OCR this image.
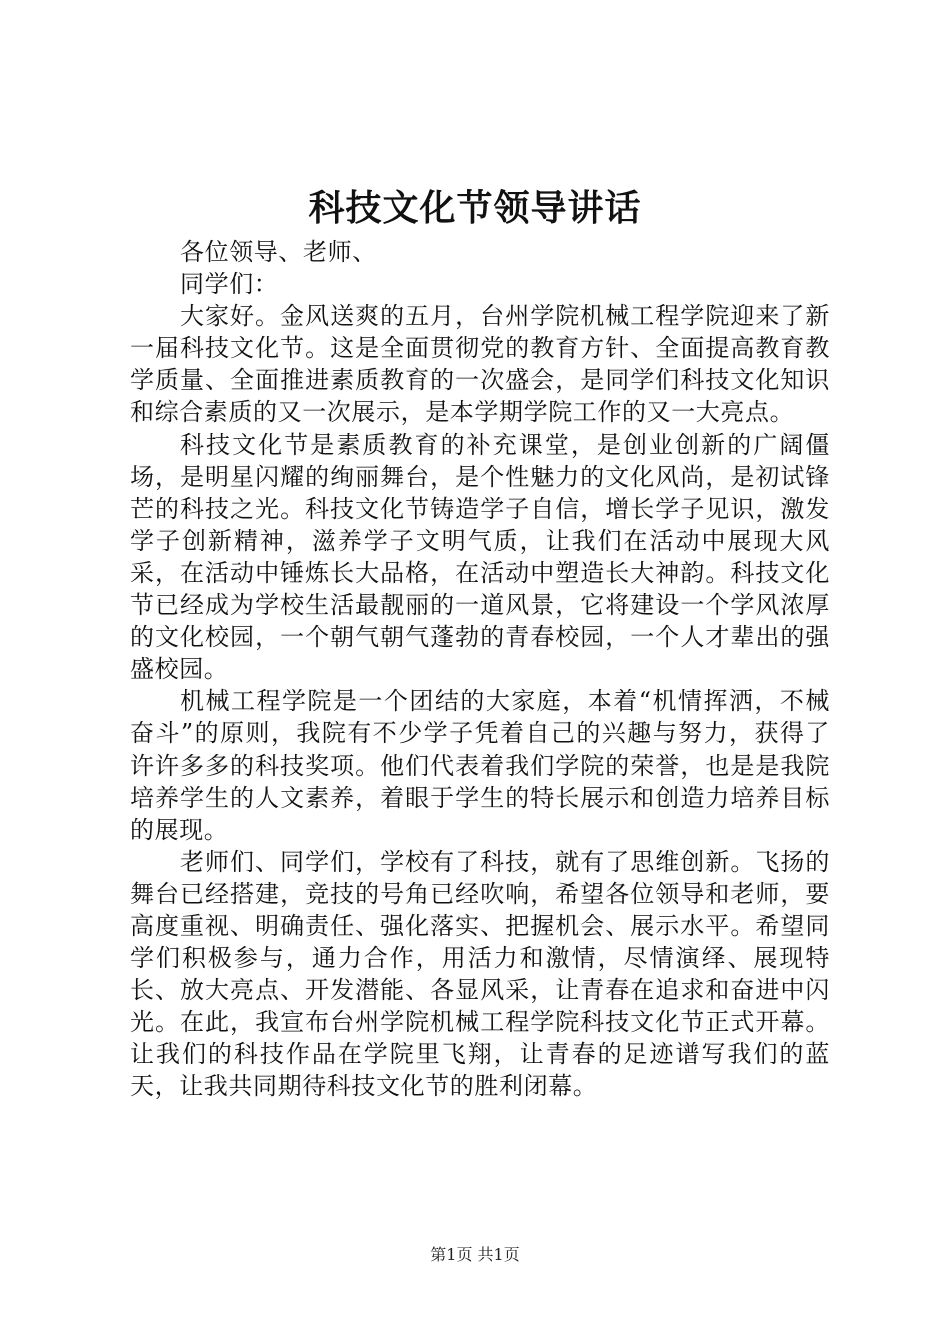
科技文化节领导讲话
各位领导、老师、
同学们：

大家好。金风送爽的五月，台州学院机械工程学院迎来了新一届科技文化节。这是全面贯彻党的教育方针、全面提高教育教学质量、全面推进素质教育的一次盛会，是同学们科技文化知识和综合素质的又一次展示，是本学期学院工作的又一大亮点。

科技文化节是素质教育的补充课堂，是创业创新的广阔僵场，是明星闪耀的绚丽舞台，是个性魅力的文化风尚，是初试锋芒的科技之光。科技文化节铸造学子自信，增长学子见识，激发学子创新精神，滋养学子文明气质，让我们在活动中展现大风采，在活动中锤炼长大品格，在活动中塑造长大神韵。科技文化节已经成为学校生活最靓丽的一道风景，它将建设一个学风浓厚的文化校园，一个朝气朝气蓬勃的青春校园，一个人才辈出的强盛校园。

机械工程学院是一个团结的大家庭，本着“机情挥洒，不械奋斗”的原则，我院有不少学子凭着自己的兴趣与努力，获得了许许多多的科技奖项。他们代表着我们学院的荣誉，也是是我院培养学生的人文素养，着眼于学生的特长展示和创造力培养目标的展现。

老师们、同学们，学校有了科技，就有了思维创新。飞扬的舞台已经搭建，竞技的号角已经吹响，希望各位领导和老师，要高度重视、明确责任、强化落实、把握机会、展示水平。希望同学们积极参与，通力合作，用活力和激情，尽情演绎、展现特长、放大亮点、开发潜能、各显风采，让青春在追求和奋进中闪光。在此，我宣布台州学院机械工程学院科技文化节正式开幕。让我们的科技作品在学院里飞翔，让青春的足迹谱写我们的蓝天，让我共同期待科技文化节的胜利闭幕。

第1页 共1页
